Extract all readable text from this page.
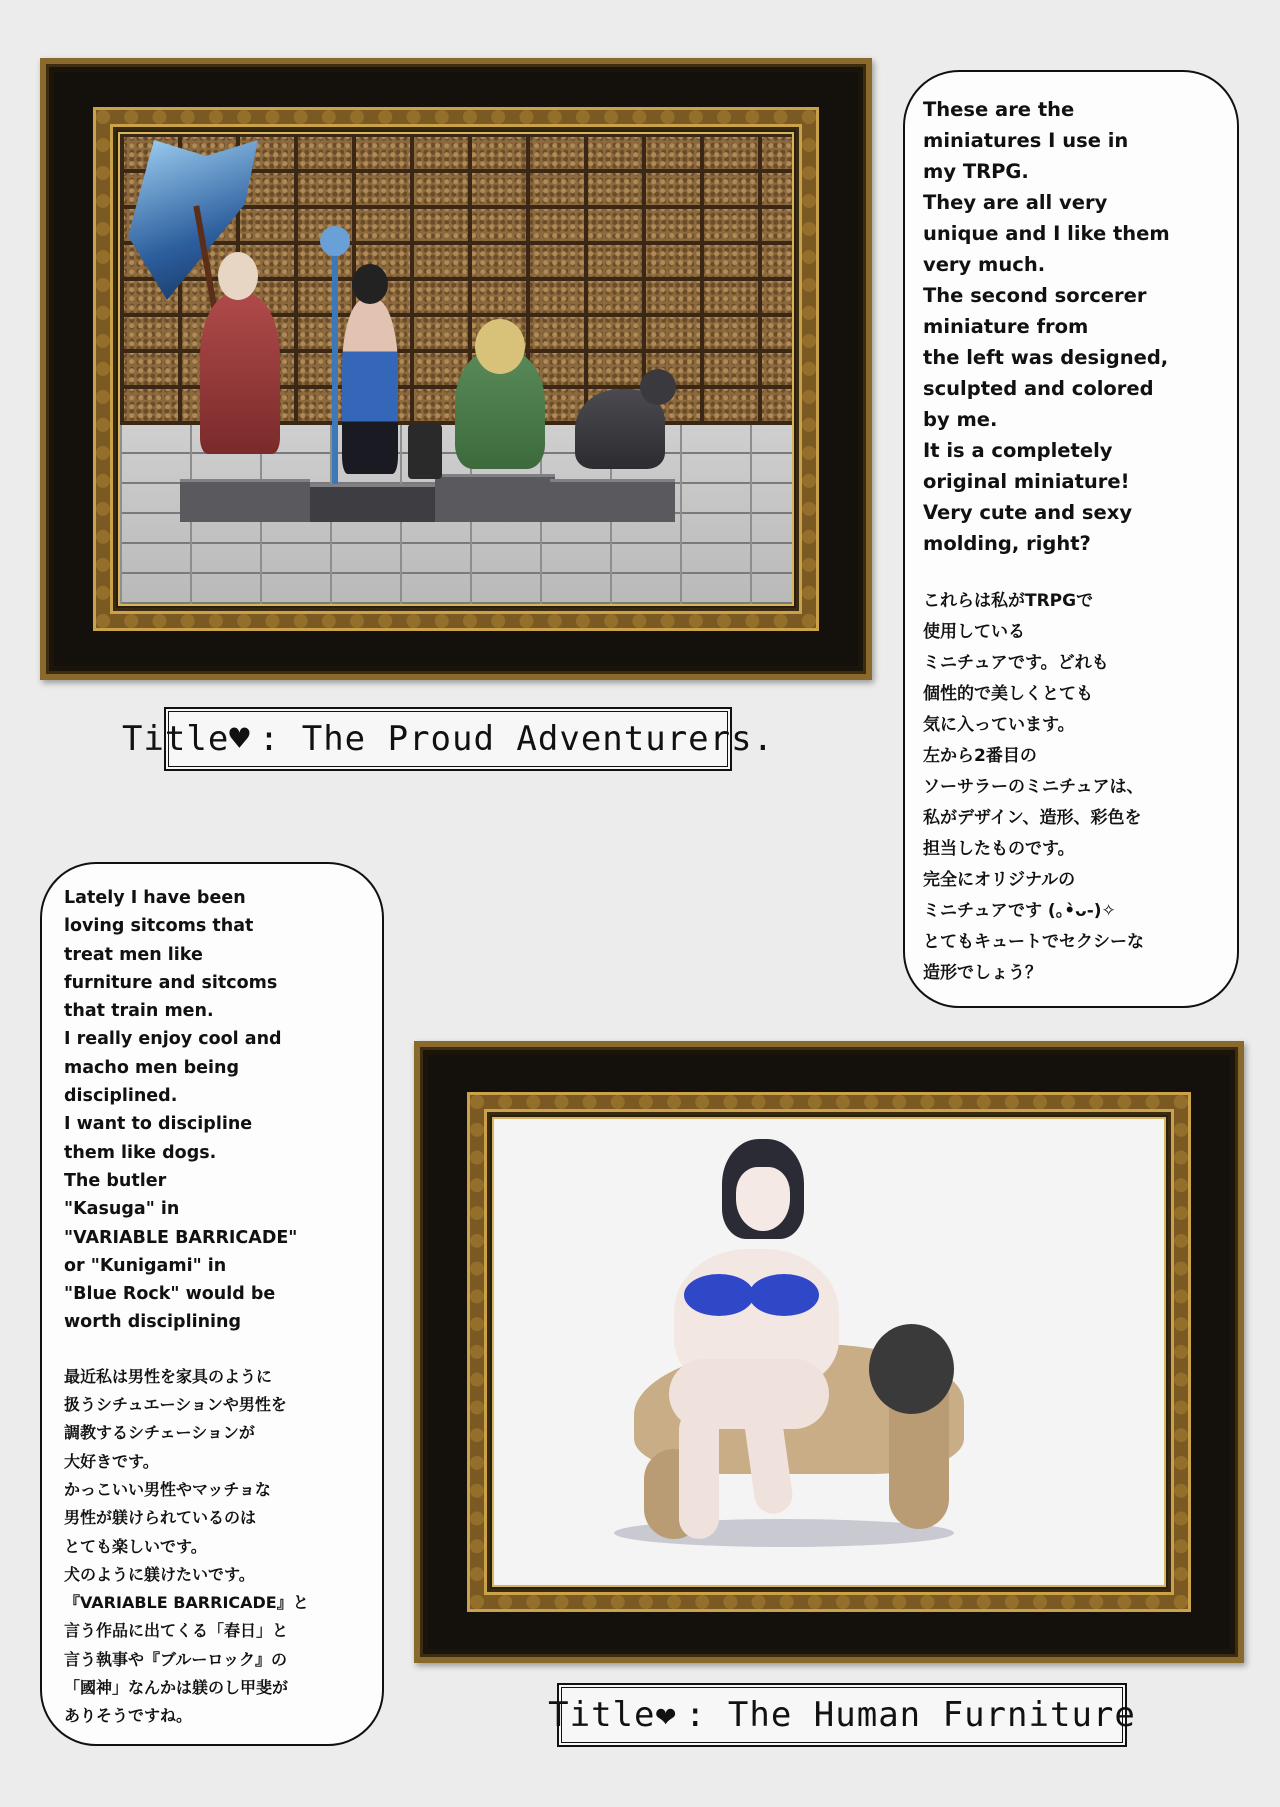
Title ♥ : The Proud Adventurers.

These are the
miniatures I use in
my TRPG.
They are all very
unique and I like them
very much.
The second sorcerer
miniature from
the left was designed,
sculpted and colored
by me.
It is a completely
original miniature!
Very cute and sexy
molding, right?

これらは私がTRPGで
使用している
ミニチュアです。どれも
個性的で美しくとても
気に入っています。
左から2番目の
ソーサラーのミニチュアは、
私がデザイン、造形、彩色を
担当したものです。
完全にオリジナルの
ミニチュアです (｡•̀ᴗ-)✧
とてもキュートでセクシーな
造形でしょう？

Lately I have been
loving sitcoms that
treat men like
furniture and sitcoms
that train men.
I really enjoy cool and
macho men being
disciplined.
I want to discipline
them like dogs.
The butler
"Kasuga" in
"VARIABLE BARRICADE"
or "Kunigami" in
"Blue Rock" would be
worth disciplining

最近私は男性を家具のように
扱うシチュエーションや男性を
調教するシチェーションが
大好きです。
かっこいい男性やマッチョな
男性が躾けられているのは
とても楽しいです。
犬のように躾けたいです。
『VARIABLE BARRICADE』と
言う作品に出てくる「春日」と
言う執事や『ブルーロック』の
「國神」なんかは躾のし甲斐が
ありそうですね。	Title ❤ : The Human Furniture
